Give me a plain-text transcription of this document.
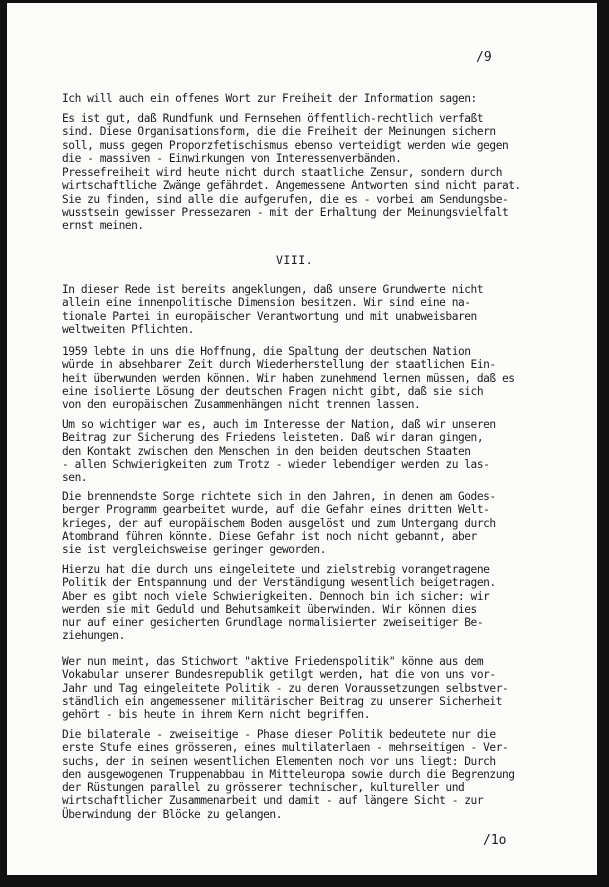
/9

Ich will auch ein offenes Wort zur Freiheit der Information sagen:

Es ist gut, daß Rundfunk und Fernsehen öffentlich-rechtlich verfaßt
sind. Diese Organisationsform, die die Freiheit der Meinungen sichern
soll, muss gegen Proporzfetischismus ebenso verteidigt werden wie gegen
die - massiven - Einwirkungen von Interessenverbänden.

Pressefreiheit wird heute nicht durch staatliche Zensur, sondern durch
wirtschaftliche Zwänge gefährdet. Angemessene Antworten sind nicht parat.
Sie zu finden, sind alle die aufgerufen, die es - vorbei am Sendungsbe-
wusstsein gewisser Pressezaren - mit der Erhaltung der Meinungsvielfalt
ernst meinen.

VIII.

In dieser Rede ist bereits angeklungen, daß unsere Grundwerte nicht
allein eine innenpolitische Dimension besitzen. Wir sind eine na-
tionale Partei in europäischer Verantwortung und mit unabweisbaren
weltweiten Pflichten.

1959 lebte in uns die Hoffnung, die Spaltung der deutschen Nation
würde in absehbarer Zeit durch Wiederherstellung der staatlichen Ein-
heit überwunden werden können. Wir haben zunehmend lernen müssen, daß es
eine isolierte Lösung der deutschen Fragen nicht gibt, daß sie sich
von den europäischen Zusammenhängen nicht trennen lassen.

Um so wichtiger war es, auch im Interesse der Nation, daß wir unseren
Beitrag zur Sicherung des Friedens leisteten. Daß wir daran gingen,
den Kontakt zwischen den Menschen in den beiden deutschen Staaten
- allen Schwierigkeiten zum Trotz - wieder lebendiger werden zu las-
sen.

Die brennendste Sorge richtete sich in den Jahren, in denen am Godes-
berger Programm gearbeitet wurde, auf die Gefahr eines dritten Welt-
krieges, der auf europäischem Boden ausgelöst und zum Untergang durch
Atombrand führen könnte. Diese Gefahr ist noch nicht gebannt, aber
sie ist vergleichsweise geringer geworden.

Hierzu hat die durch uns eingeleitete und zielstrebig vorangetragene
Politik der Entspannung und der Verständigung wesentlich beigetragen.
Aber es gibt noch viele Schwierigkeiten. Dennoch bin ich sicher: wir
werden sie mit Geduld und Behutsamkeit überwinden. Wir können dies
nur auf einer gesicherten Grundlage normalisierter zweiseitiger Be-
ziehungen.

Wer nun meint, das Stichwort "aktive Friedenspolitik" könne aus dem
Vokabular unserer Bundesrepublik getilgt werden, hat die von uns vor-
Jahr und Tag eingeleitete Politik - zu deren Voraussetzungen selbstver-
ständlich ein angemessener militärischer Beitrag zu unserer Sicherheit
gehört - bis heute in ihrem Kern nicht begriffen.

Die bilaterale - zweiseitige - Phase dieser Politik bedeutete nur die
erste Stufe eines grösseren, eines multilaterlaen - mehrseitigen - Ver-
suchs, der in seinen wesentlichen Elementen noch vor uns liegt: Durch
den ausgewogenen Truppenabbau in Mitteleuropa sowie durch die Begrenzung
der Rüstungen parallel zu grösserer technischer, kultureller und
wirtschaftlicher Zusammenarbeit und damit - auf längere Sicht - zur
Überwindung der Blöcke zu gelangen.

/1o
